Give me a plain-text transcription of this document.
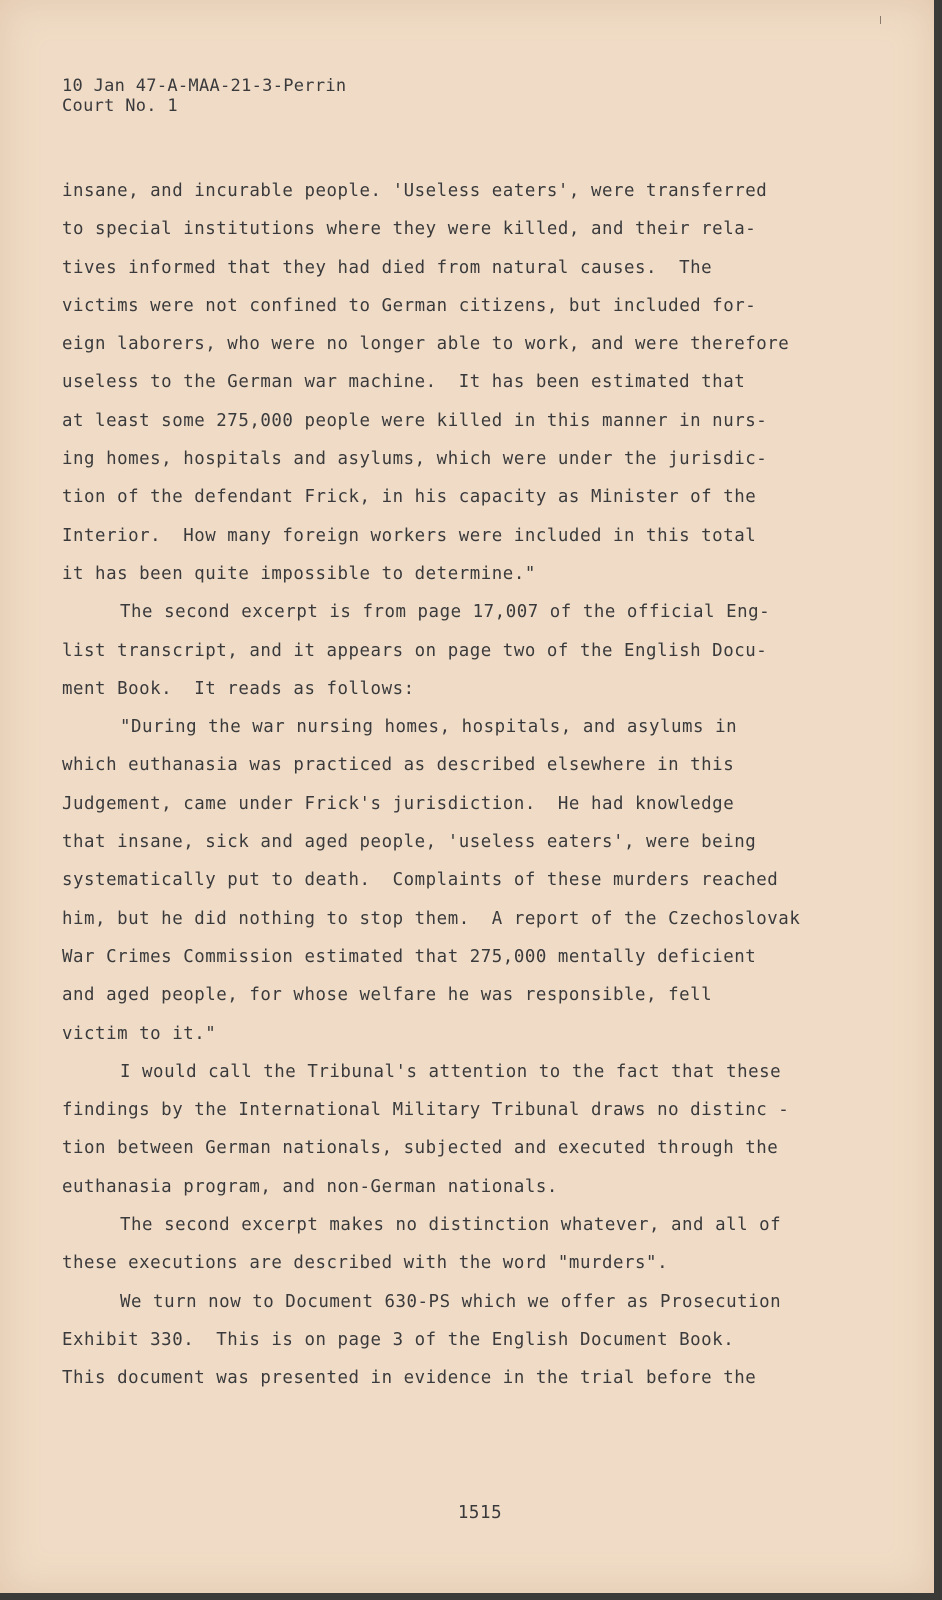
10 Jan 47-A-MAA-21-3-Perrin
Court No. 1
insane, and incurable people. 'Useless eaters', were transferred
to special institutions where they were killed, and their rela-
tives informed that they had died from natural causes.  The
victims were not confined to German citizens, but included for-
eign laborers, who were no longer able to work, and were therefore
useless to the German war machine.  It has been estimated that
at least some 275,000 people were killed in this manner in nurs-
ing homes, hospitals and asylums, which were under the jurisdic-
tion of the defendant Frick, in his capacity as Minister of the
Interior.  How many foreign workers were included in this total
it has been quite impossible to determine."
The second excerpt is from page 17,007 of the official Eng-
list transcript, and it appears on page two of the English Docu-
ment Book.  It reads as follows:
"During the war nursing homes, hospitals, and asylums in
which euthanasia was practiced as described elsewhere in this
Judgement, came under Frick's jurisdiction.  He had knowledge
that insane, sick and aged people, 'useless eaters', were being
systematically put to death.  Complaints of these murders reached
him, but he did nothing to stop them.  A report of the Czechoslovak
War Crimes Commission estimated that 275,000 mentally deficient
and aged people, for whose welfare he was responsible, fell
victim to it."
I would call the Tribunal's attention to the fact that these
findings by the International Military Tribunal draws no distinc -
tion between German nationals, subjected and executed through the
euthanasia program, and non-German nationals.
The second excerpt makes no distinction whatever, and all of
these executions are described with the word "murders".
We turn now to Document 630-PS which we offer as Prosecution
Exhibit 330.  This is on page 3 of the English Document Book.
This document was presented in evidence in the trial before the
1515
